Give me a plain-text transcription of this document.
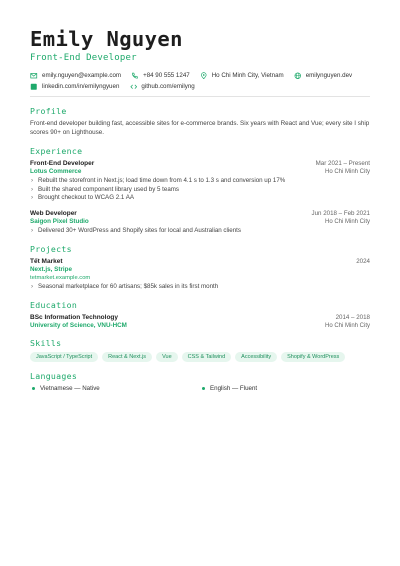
Emily Nguyen
Front-End Developer
emily.nguyen@example.com	+84 90 555 1247	Ho Chi Minh City, Vietnam	emilynguyen.dev
linkedin.com/in/emilyngyuen	github.com/emilyng
Profile
Front-end developer building fast, accessible sites for e-commerce brands. Six years with React and Vue; every site I ship scores 90+ on Lighthouse.
Experience
Front-End Developer	Mar 2021 – Present
Lotus Commerce	Ho Chi Minh City
› Rebuilt the storefront in Next.js; load time down from 4.1 s to 1.3 s and conversion up 17%
› Built the shared component library used by 5 teams
› Brought checkout to WCAG 2.1 AA
Web Developer	Jun 2018 – Feb 2021
Saigon Pixel Studio	Ho Chi Minh City
› Delivered 30+ WordPress and Shopify sites for local and Australian clients
Projects
Tết Market	2024
Next.js, Stripe
tetmarket.example.com
› Seasonal marketplace for 60 artisans; $85k sales in its first month
Education
BSc Information Technology	2014 – 2018
University of Science, VNU-HCM	Ho Chi Minh City
Skills
JavaScript / TypeScript	React & Next.js	Vue	CSS & Tailwind	Accessibility	Shopify & WordPress
Languages
Vietnamese — Native	English — Fluent
